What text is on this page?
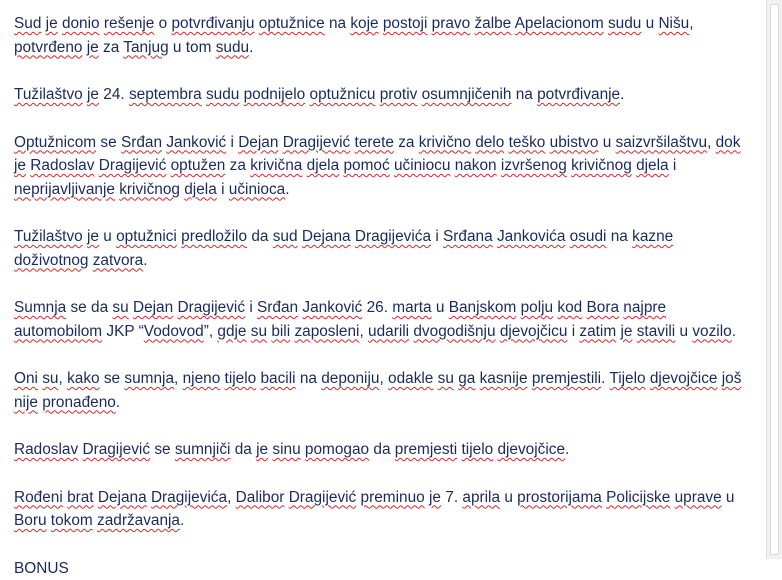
Sud je donio rešenje o potvrđivanju optužnice na koje postoji pravo žalbe Apelacionom sudu u Nišu, potvrđeno je za Tanjug u tom sudu.

Tužilaštvo je 24. septembra sudu podnijelo optužnicu protiv osumnjičenih na potvrđivanje.

Optužnicom se Srđan Janković i Dejan Dragijević terete za krivično delo teško ubistvo u saizvršilaštvu, dok je Radoslav Dragijević optužen za krivična djela pomoć učiniocu nakon izvršenog krivičnog djela i neprijavljivanje krivičnog djela i učinioca.

Tužilaštvo je u optužnici predložilo da sud Dejana Dragijevića i Srđana Jankovića osudi na kazne doživotnog zatvora.

Sumnja se da su Dejan Dragijević i Srđan Janković 26. marta u Banjskom polju kod Bora najpre automobilom JKP “Vodovod”, gdje su bili zaposleni, udarili dvogodišnju djevojčicu i zatim je stavili u vozilo.

Oni su, kako se sumnja, njeno tijelo bacili na deponiju, odakle su ga kasnije premjestili. Tijelo djevojčice još nije pronađeno.

Radoslav Dragijević se sumnjiči da je sinu pomogao da premjesti tijelo djevojčice.

Rođeni brat Dejana Dragijevića, Dalibor Dragijević preminuo je 7. aprila u prostorijama Policijske uprave u Boru tokom zadržavanja.

BONUS
